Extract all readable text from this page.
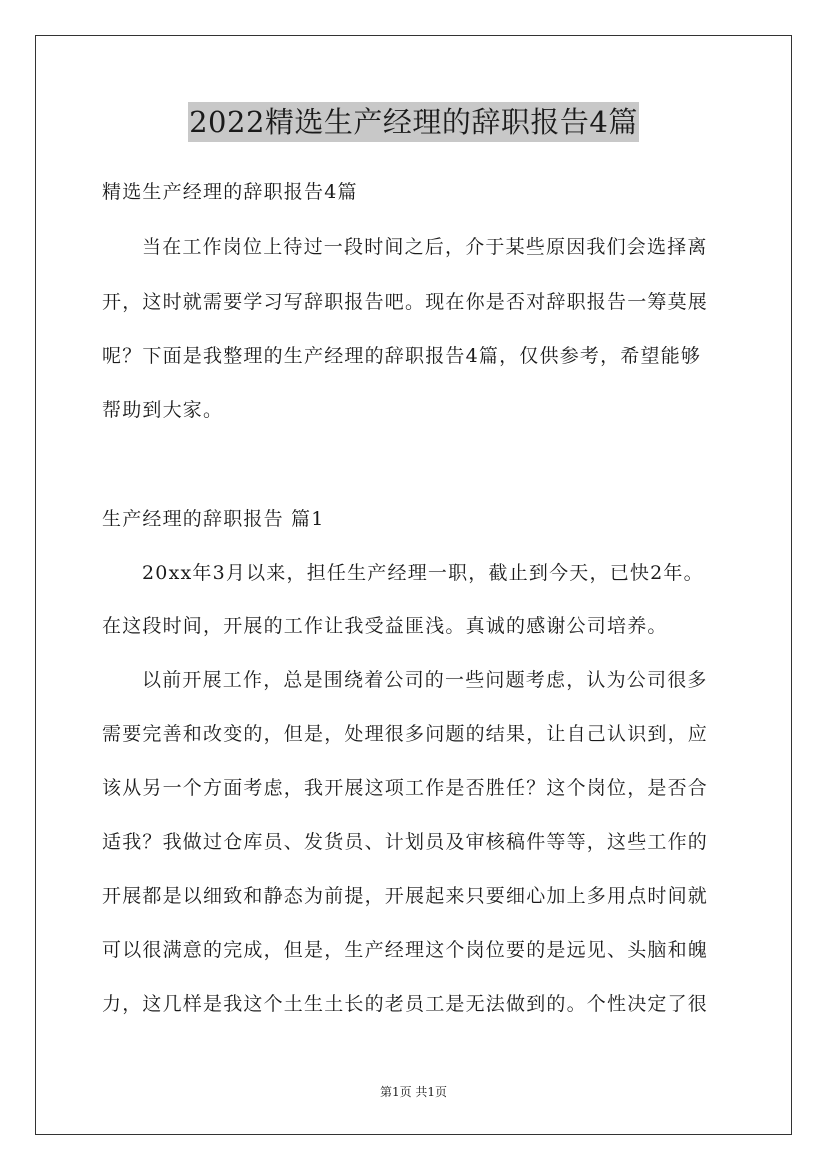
2022精选生产经理的辞职报告4篇
精选生产经理的辞职报告4篇
当在工作岗位上待过一段时间之后，介于某些原因我们会选择离
开，这时就需要学习写辞职报告吧。现在你是否对辞职报告一筹莫展
呢？下面是我整理的生产经理的辞职报告4篇，仅供参考，希望能够
帮助到大家。
生产经理的辞职报告 篇1
20xx年3月以来，担任生产经理一职，截止到今天，已快2年。
在这段时间，开展的工作让我受益匪浅。真诚的感谢公司培养。
以前开展工作，总是围绕着公司的一些问题考虑，认为公司很多
需要完善和改变的，但是，处理很多问题的结果，让自己认识到，应
该从另一个方面考虑，我开展这项工作是否胜任？这个岗位，是否合
适我？我做过仓库员、发货员、计划员及审核稿件等等，这些工作的
开展都是以细致和静态为前提，开展起来只要细心加上多用点时间就
可以很满意的完成，但是，生产经理这个岗位要的是远见、头脑和魄
力，这几样是我这个土生土长的老员工是无法做到的。个性决定了很
第1页 共1页
